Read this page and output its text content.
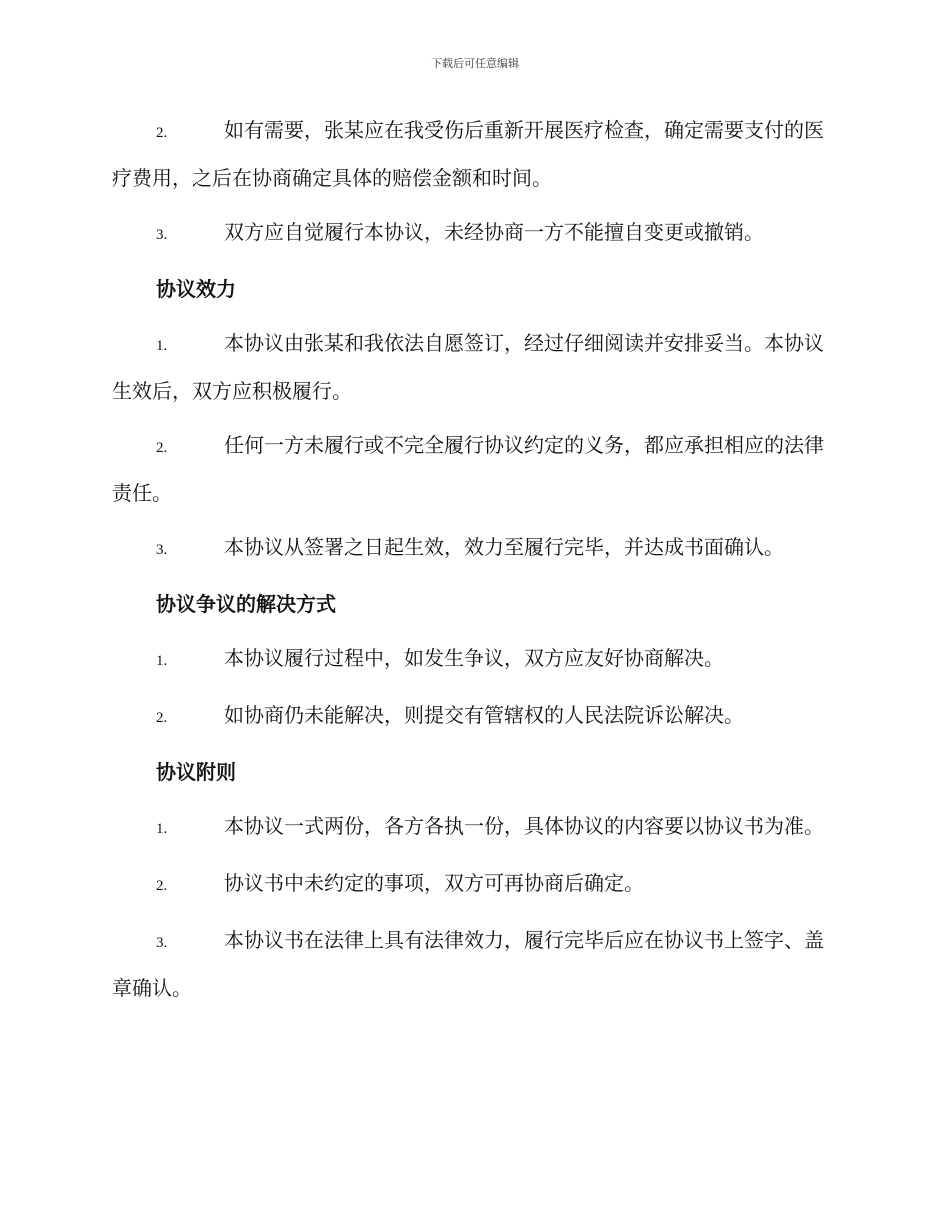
下载后可任意编辑
2.	如有需要，张某应在我受伤后重新开展医疗检查，确定需要支付的医疗费用，之后在协商确定具体的赔偿金额和时间。
3.	双方应自觉履行本协议，未经协商一方不能擅自变更或撤销。
协议效力
1.	本协议由张某和我依法自愿签订，经过仔细阅读并安排妥当。本协议生效后，双方应积极履行。
2.	任何一方未履行或不完全履行协议约定的义务，都应承担相应的法律责任。
3.	本协议从签署之日起生效，效力至履行完毕，并达成书面确认。
协议争议的解决方式
1.	本协议履行过程中，如发生争议，双方应友好协商解决。
2.	如协商仍未能解决，则提交有管辖权的人民法院诉讼解决。
协议附则
1.	本协议一式两份，各方各执一份，具体协议的内容要以协议书为准。
2.	协议书中未约定的事项，双方可再协商后确定。
3.	本协议书在法律上具有法律效力，履行完毕后应在协议书上签字、盖章确认。
